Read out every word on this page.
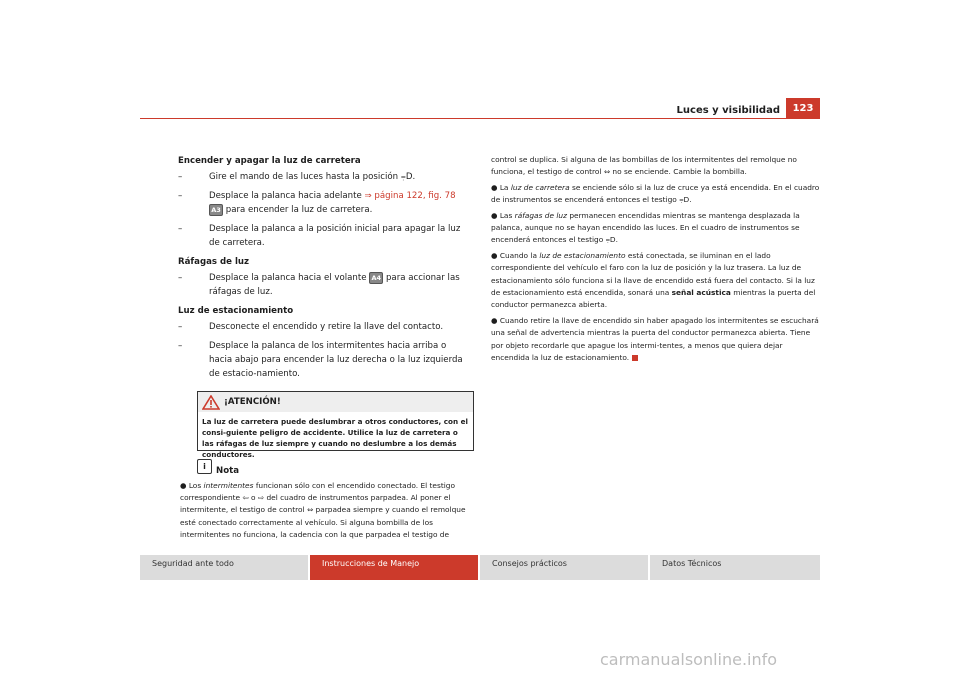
Luces y visibilidad	123
Encender y apagar la luz de carretera
–	Gire el mando de las luces hasta la posición ⩦D.
–	Desplace la palanca hacia adelante ⇒ página 122, fig. 78 A3 para encender la luz de carretera.
–	Desplace la palanca a la posición inicial para apagar la luz de carretera.
Ráfagas de luz
–	Desplace la palanca hacia el volante A4 para accionar las ráfagas de luz.
Luz de estacionamiento
–	Desconecte el encendido y retire la llave del contacto.
–	Desplace la palanca de los intermitentes hacia arriba o hacia abajo para encender la luz derecha o la luz izquierda de estacio-namiento.
¡ATENCIÓN!
La luz de carretera puede deslumbrar a otros conductores, con el consi-guiente peligro de accidente. Utilice la luz de carretera o las ráfagas de luz siempre y cuando no deslumbre a los demás conductores.
i	Nota
● Los intermitentes funcionan sólo con el encendido conectado. El testigo correspondiente ⇦ o ⇨ del cuadro de instrumentos parpadea. Al poner el intermitente, el testigo de control ⇔ parpadea siempre y cuando el remolque esté conectado correctamente al vehículo. Si alguna bombilla de los intermitentes no funciona, la cadencia con la que parpadea el testigo de
control se duplica. Si alguna de las bombillas de los intermitentes del remolque no funciona, el testigo de control ⇔ no se enciende. Cambie la bombilla.
● La luz de carretera se enciende sólo si la luz de cruce ya está encendida. En el cuadro de instrumentos se encenderá entonces el testigo ⩦D.
● Las ráfagas de luz permanecen encendidas mientras se mantenga desplazada la palanca, aunque no se hayan encendido las luces. En el cuadro de instrumentos se encenderá entonces el testigo ⩦D.
● Cuando la luz de estacionamiento está conectada, se iluminan en el lado correspondiente del vehículo el faro con la luz de posición y la luz trasera. La luz de estacionamiento sólo funciona si la llave de encendido está fuera del contacto. Si la luz de estacionamiento está encendida, sonará una señal acústica mientras la puerta del conductor permanezca abierta.
● Cuando retire la llave de encendido sin haber apagado los intermitentes se escuchará una señal de advertencia mientras la puerta del conductor permanezca abierta. Tiene por objeto recordarle que apague los intermi-tentes, a menos que quiera dejar encendida la luz de estacionamiento.
Seguridad ante todo	Instrucciones de Manejo	Consejos prácticos	Datos Técnicos
carmanualsonline.info
